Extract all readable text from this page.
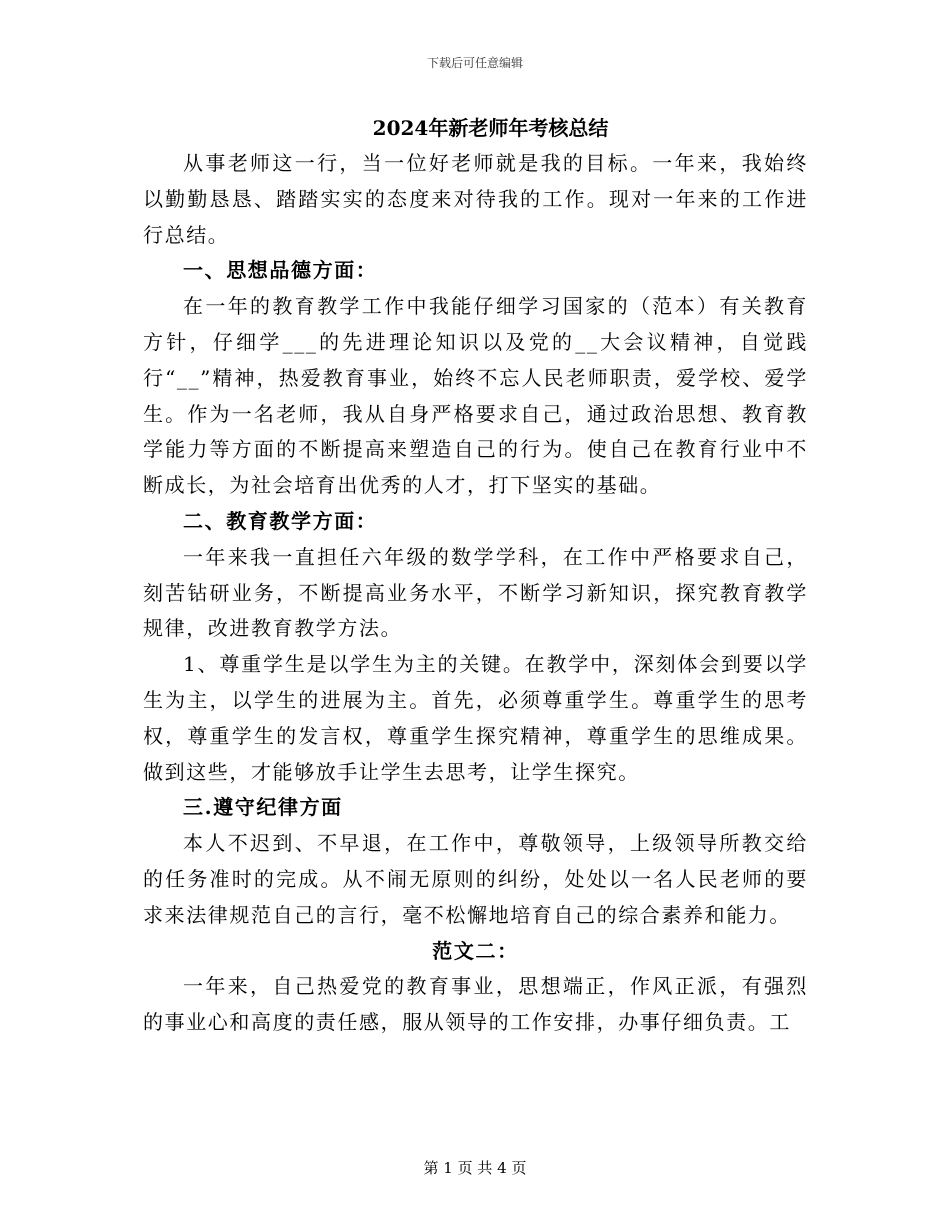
下载后可任意编辑
2024年新老师年考核总结

从事老师这一行，当一位好老师就是我的目标。一年来，我始终以勤勤恳恳、踏踏实实的态度来对待我的工作。现对一年来的工作进行总结。

一、思想品德方面：

在一年的教育教学工作中我能仔细学习国家的（范本）有关教育方针，仔细学___的先进理论知识以及党的__大会议精神，自觉践行“__”精神，热爱教育事业，始终不忘人民老师职责，爱学校、爱学生。作为一名老师，我从自身严格要求自己，通过政治思想、教育教学能力等方面的不断提高来塑造自己的行为。使自己在教育行业中不断成长，为社会培育出优秀的人才，打下坚实的基础。

二、教育教学方面：

一年来我一直担任六年级的数学学科，在工作中严格要求自己，刻苦钻研业务，不断提高业务水平，不断学习新知识，探究教育教学规律，改进教育教学方法。

1、尊重学生是以学生为主的关键。在教学中，深刻体会到要以学生为主，以学生的进展为主。首先，必须尊重学生。尊重学生的思考权，尊重学生的发言权，尊重学生探究精神，尊重学生的思维成果。做到这些，才能够放手让学生去思考，让学生探究。

三.遵守纪律方面

本人不迟到、不早退，在工作中，尊敬领导，上级领导所教交给的任务准时的完成。从不闹无原则的纠纷，处处以一名人民老师的要求来法律规范自己的言行，毫不松懈地培育自己的综合素养和能力。

范文二：

一年来，自己热爱党的教育事业，思想端正，作风正派，有强烈的事业心和高度的责任感，服从领导的工作安排，办事仔细负责。工

第 1 页 共 4 页
